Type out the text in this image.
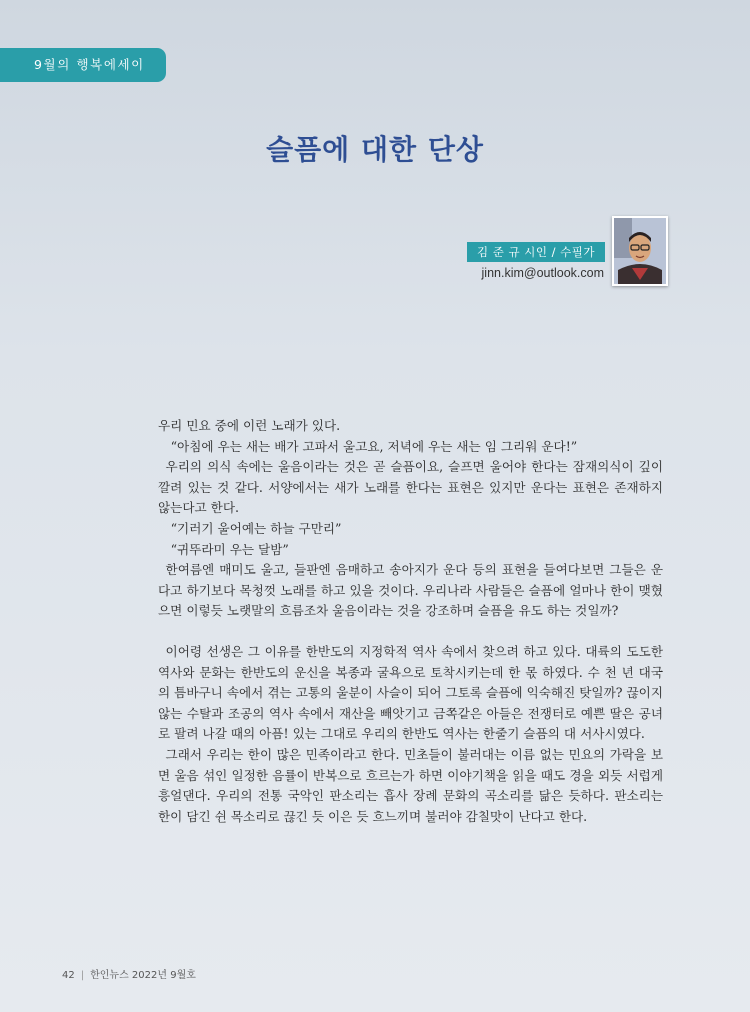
9월의 행복에세이
슬픔에 대한 단상
김 준 규 시인 / 수필가
jinn.kim@outlook.com

우리 민요 중에 이런 노래가 있다.

“아침에 우는 새는 배가 고파서 울고요, 저녁에 우는 새는 임 그리워 운다!”

우리의 의식 속에는 울음이라는 것은 곧 슬픔이요, 슬프면 울어야 한다는 잠재의식이 깊이 깔려 있는 것 같다. 서양에서는 새가 노래를 한다는 표현은 있지만 운다는 표현은 존재하지 않는다고 한다.

“기러기 울어예는 하늘 구만리”

“귀뚜라미 우는 달밤”

한여름엔 매미도 울고, 들판엔 음매하고 송아지가 운다 등의 표현을 들여다보면 그들은 운다고 하기보다 목청껏 노래를 하고 있을 것이다. 우리나라 사람들은 슬픔에 얼마나 한이 맺혔으면 이렇듯 노랫말의 흐름조차 울음이라는 것을 강조하며 슬픔을 유도 하는 것일까?

이어령 선생은 그 이유를 한반도의 지정학적 역사 속에서 찾으려 하고 있다. 대륙의 도도한 역사와 문화는 한반도의 운신을 복종과 굴욕으로 토착시키는데 한 몫 하였다. 수 천 년 대국의 틈바구니 속에서 겪는 고통의 울분이 사슬이 되어 그토록 슬픔에 익숙해진 탓일까? 끊이지 않는 수탈과 조공의 역사 속에서 재산을 빼앗기고 금쪽같은 아들은 전쟁터로 예쁜 딸은 공녀로 팔려 나갈 때의 아픔! 있는 그대로 우리의 한반도 역사는 한줄기 슬픔의 대 서사시였다.

그래서 우리는 한이 많은 민족이라고 한다. 민초들이 불러대는 이름 없는 민요의 가락을 보면 울음 섞인 일정한 음률이 반복으로 흐르는가 하면 이야기책을 읽을 때도 경을 외듯 서럽게 흥얼댄다. 우리의 전통 국악인 판소리는 흡사 장례 문화의 곡소리를 닮은 듯하다. 판소리는 한이 담긴 쉰 목소리로 끊긴 듯 이은 듯 흐느끼며 불러야 감칠맛이 난다고 한다.

42 | 한인뉴스 2022년 9월호
